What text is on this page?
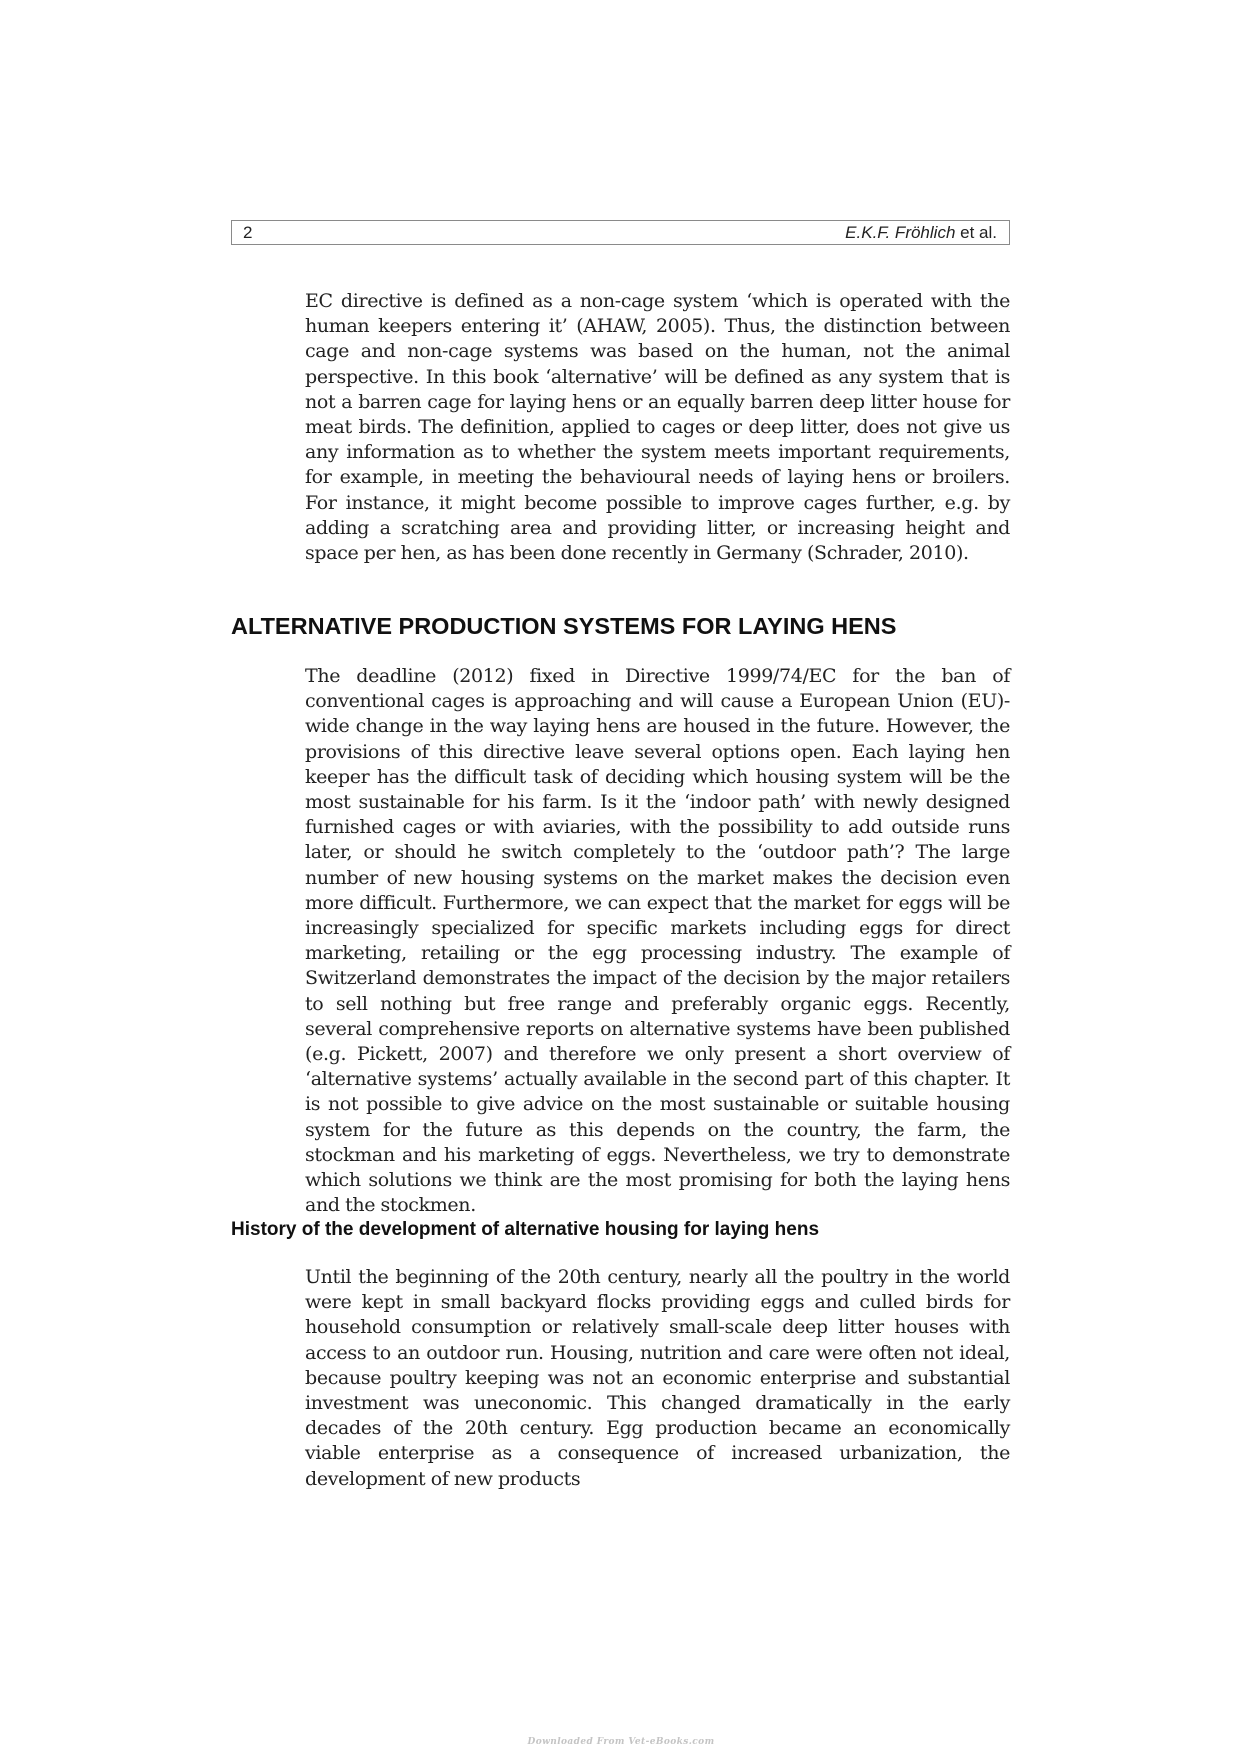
2	E.K.F. Fröhlich et al.

EC directive is defined as a non-cage system ‘which is operated with the human keepers entering it’ (AHAW, 2005). Thus, the distinction between cage and non-cage systems was based on the human, not the animal perspective. In this book ‘alternative’ will be defined as any system that is not a barren cage for laying hens or an equally barren deep litter house for meat birds. The definition, applied to cages or deep litter, does not give us any information as to whether the system meets important requirements, for example, in meeting the behavioural needs of laying hens or broilers. For instance, it might become possible to improve cages further, e.g. by adding a scratching area and providing litter, or increasing height and space per hen, as has been done recently in Germany (Schrader, 2010).

ALTERNATIVE PRODUCTION SYSTEMS FOR LAYING HENS

The deadline (2012) fixed in Directive 1999/74/EC for the ban of conventional cages is approaching and will cause a European Union (EU)-wide change in the way laying hens are housed in the future. However, the provisions of this directive leave several options open. Each laying hen keeper has the difficult task of deciding which housing system will be the most sustainable for his farm. Is it the ‘indoor path’ with newly designed furnished cages or with aviaries, with the possibility to add outside runs later, or should he switch completely to the ‘outdoor path’? The large number of new housing systems on the market makes the decision even more difficult. Furthermore, we can expect that the market for eggs will be increasingly specialized for specific markets including eggs for direct marketing, retailing or the egg processing industry. The example of Switzerland demonstrates the impact of the decision by the major retailers to sell nothing but free range and preferably organic eggs. Recently, several comprehensive reports on alternative systems have been published (e.g. Pickett, 2007) and therefore we only present a short overview of ‘alternative systems’ actually available in the second part of this chapter. It is not possible to give advice on the most sustainable or suitable housing system for the future as this depends on the country, the farm, the stockman and his marketing of eggs. Nevertheless, we try to demonstrate which solutions we think are the most promising for both the laying hens and the stockmen.

History of the development of alternative housing for laying hens

Until the beginning of the 20th century, nearly all the poultry in the world were kept in small backyard flocks providing eggs and culled birds for household consumption or relatively small-scale deep litter houses with access to an outdoor run. Housing, nutrition and care were often not ideal, because poultry keeping was not an economic enterprise and substantial investment was uneconomic. This changed dramatically in the early decades of the 20th century. Egg production became an economically viable enterprise as a consequence of increased urbanization, the development of new products

Downloaded From Vet-eBooks.com
